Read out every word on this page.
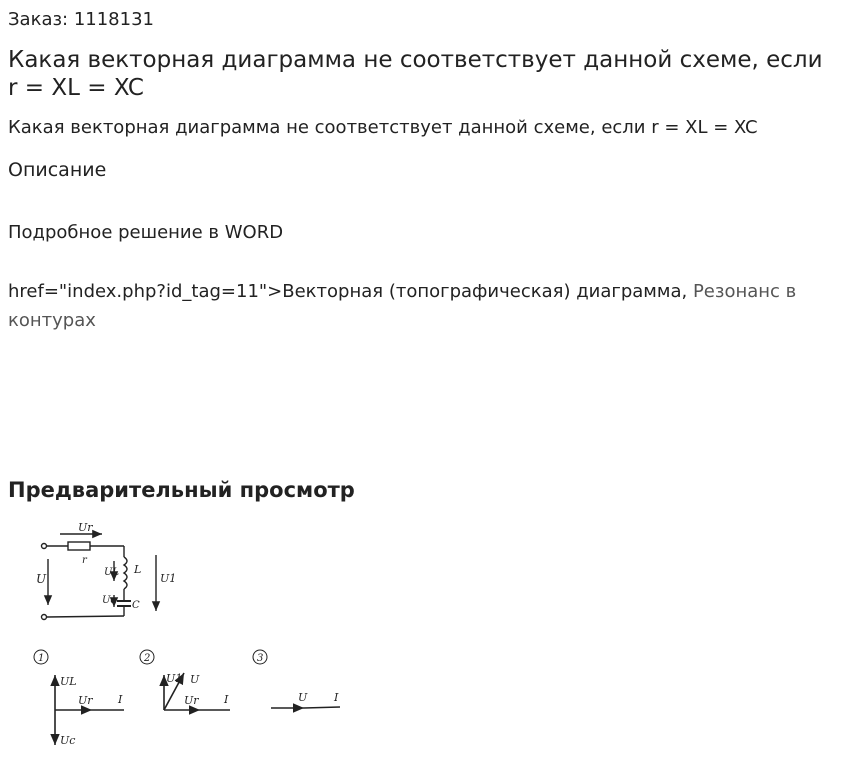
Заказ: 1118131
Какая векторная диаграмма не соответствует данной схеме, если r = XL = XC
Какая векторная диаграмма не соответствует данной схеме, если r = XL = XC
Описание
Подробное решение в WORD
href="index.php?id_tag=11">Векторная (топографическая) диаграмма, Резонанс в контурах
Предварительный просмотр
Ur
r
U	UL L
Uc C
U1
1	2	3
UL
Ur I
Uc
U1 U
Ur I	U I
